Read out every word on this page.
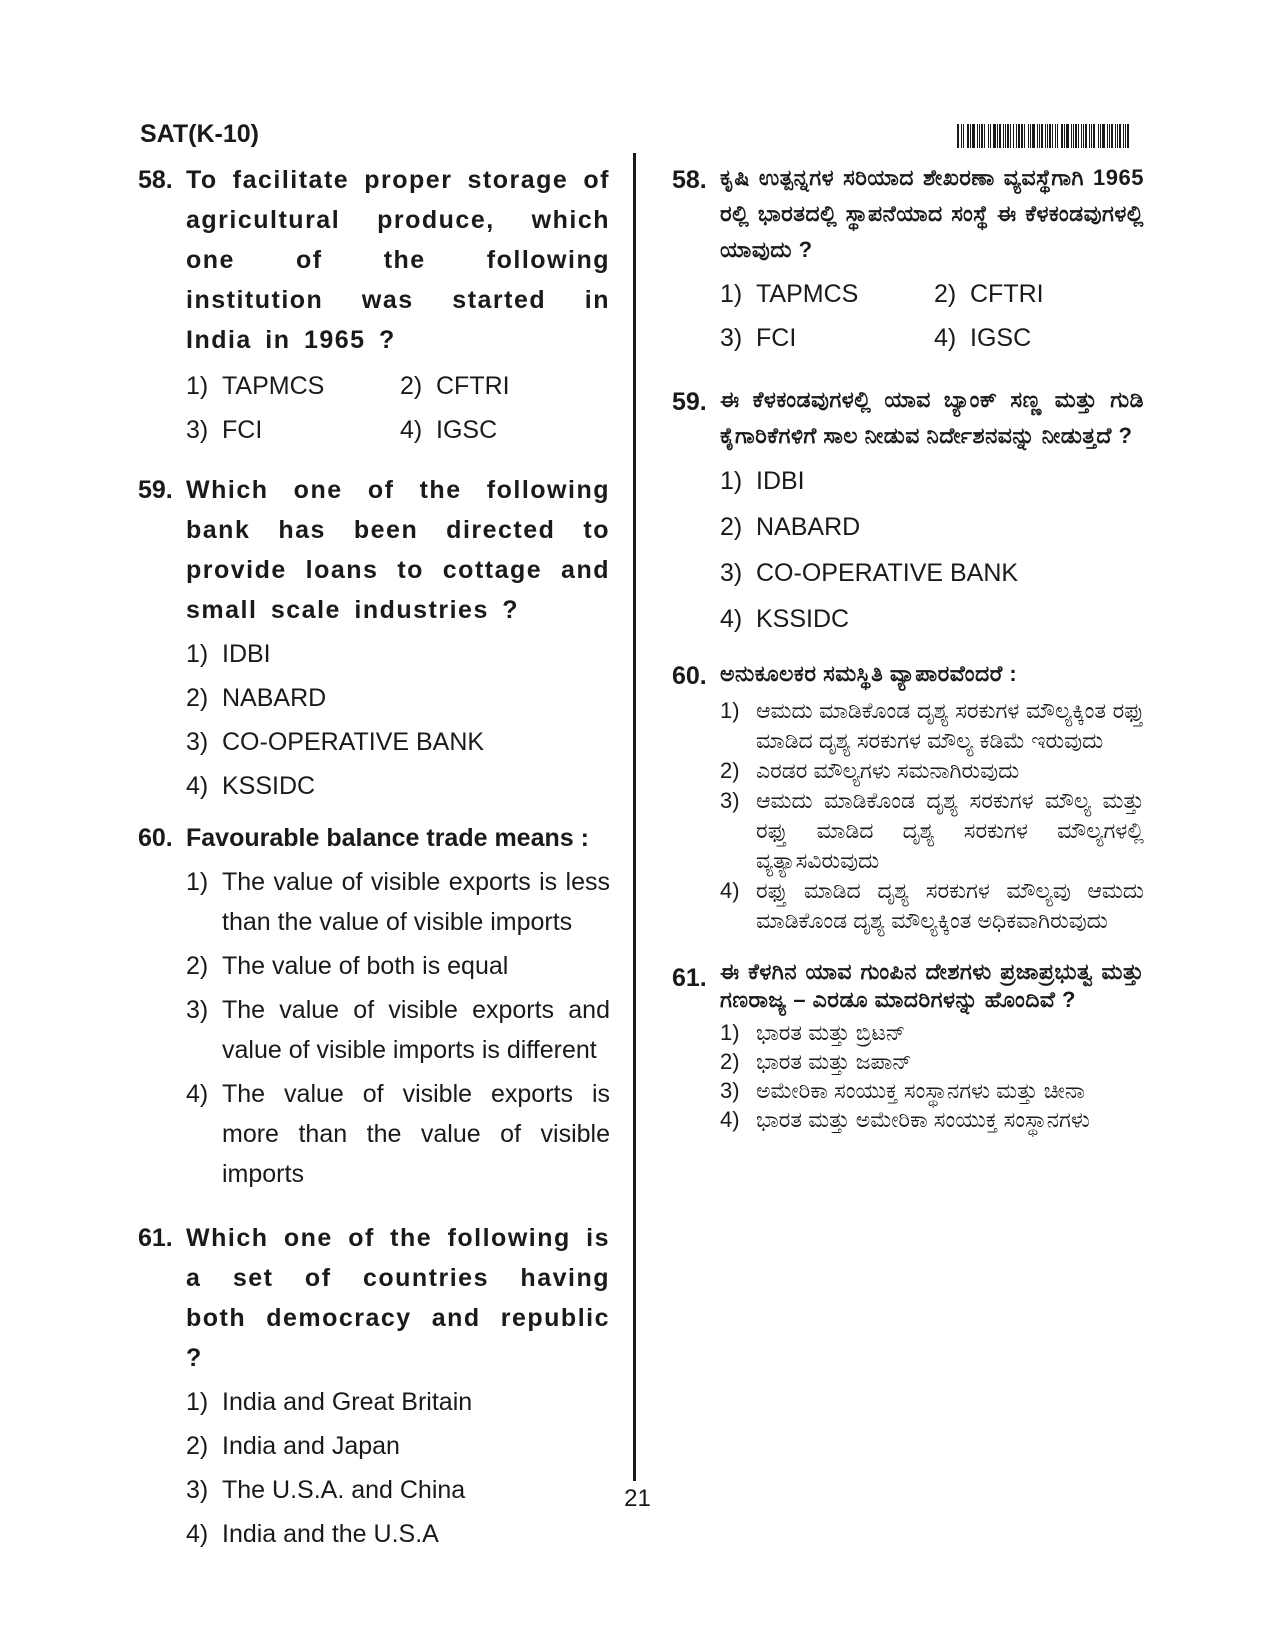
SAT(K-10)
58. To facilitate proper storage of agricultural produce, which one of the following institution was started in India in 1965 ?
1) TAPMCS	2) CFTRI
3) FCI	4) IGSC
59. Which one of the following bank has been directed to provide loans to cottage and small scale industries ?
1) IDBI
2) NABARD
3) CO-OPERATIVE BANK
4) KSSIDC
60. Favourable balance trade means :
1) The value of visible exports is less than the value of visible imports
2) The value of both is equal
3) The value of visible exports and value of visible imports is different
4) The value of visible exports is more than the value of visible imports
61. Which one of the following is a set of countries having both democracy and republic ?
1) India and Great Britain
2) India and Japan
3) The U.S.A. and China
4) India and the U.S.A
58. ಕೃಷಿ ಉತ್ಪನ್ನಗಳ ಸರಿಯಾದ ಶೇಖರಣಾ ವ್ಯವಸ್ಥೆಗಾಗಿ 1965 ರಲ್ಲಿ ಭಾರತದಲ್ಲಿ ಸ್ಥಾಪನೆಯಾದ ಸಂಸ್ಥೆ ಈ ಕೆಳಕಂಡವುಗಳಲ್ಲಿ ಯಾವುದು ?
1) TAPMCS	2) CFTRI
3) FCI	4) IGSC
59. ಈ ಕೆಳಕಂಡವುಗಳಲ್ಲಿ ಯಾವ ಬ್ಯಾಂಕ್ ಸಣ್ಣ ಮತ್ತು ಗುಡಿ ಕೈಗಾರಿಕೆಗಳಿಗೆ ಸಾಲ ನೀಡುವ ನಿರ್ದೇಶನವನ್ನು ನೀಡುತ್ತದೆ ?
1) IDBI
2) NABARD
3) CO-OPERATIVE BANK
4) KSSIDC
60. ಅನುಕೂಲಕರ ಸಮಸ್ಥಿತಿ ವ್ಯಾಪಾರವೆಂದರೆ :
1) ಆಮದು ಮಾಡಿಕೊಂಡ ದೃಶ್ಯ ಸರಕುಗಳ ಮೌಲ್ಯಕ್ಕಿಂತ ರಫ್ತು ಮಾಡಿದ ದೃಶ್ಯ ಸರಕುಗಳ ಮೌಲ್ಯ ಕಡಿಮೆ ಇರುವುದು
2) ಎರಡರ ಮೌಲ್ಯಗಳು ಸಮನಾಗಿರುವುದು
3) ಆಮದು ಮಾಡಿಕೊಂಡ ದೃಶ್ಯ ಸರಕುಗಳ ಮೌಲ್ಯ ಮತ್ತು ರಫ್ತು ಮಾಡಿದ ದೃಶ್ಯ ಸರಕುಗಳ ಮೌಲ್ಯಗಳಲ್ಲಿ ವ್ಯತ್ಯಾಸವಿರುವುದು
4) ರಫ್ತು ಮಾಡಿದ ದೃಶ್ಯ ಸರಕುಗಳ ಮೌಲ್ಯವು ಆಮದು ಮಾಡಿಕೊಂಡ ದೃಶ್ಯ ಮೌಲ್ಯಕ್ಕಿಂತ ಅಧಿಕವಾಗಿರುವುದು
61. ಈ ಕೆಳಗಿನ ಯಾವ ಗುಂಪಿನ ದೇಶಗಳು ಪ್ರಜಾಪ್ರಭುತ್ವ ಮತ್ತು ಗಣರಾಜ್ಯ – ಎರಡೂ ಮಾದರಿಗಳನ್ನು ಹೊಂದಿವೆ ?
1) ಭಾರತ ಮತ್ತು ಬ್ರಿಟನ್
2) ಭಾರತ ಮತ್ತು ಜಪಾನ್
3) ಅಮೇರಿಕಾ ಸಂಯುಕ್ತ ಸಂಸ್ಥಾನಗಳು ಮತ್ತು ಚೀನಾ
4) ಭಾರತ ಮತ್ತು ಅಮೇರಿಕಾ ಸಂಯುಕ್ತ ಸಂಸ್ಥಾನಗಳು
21
